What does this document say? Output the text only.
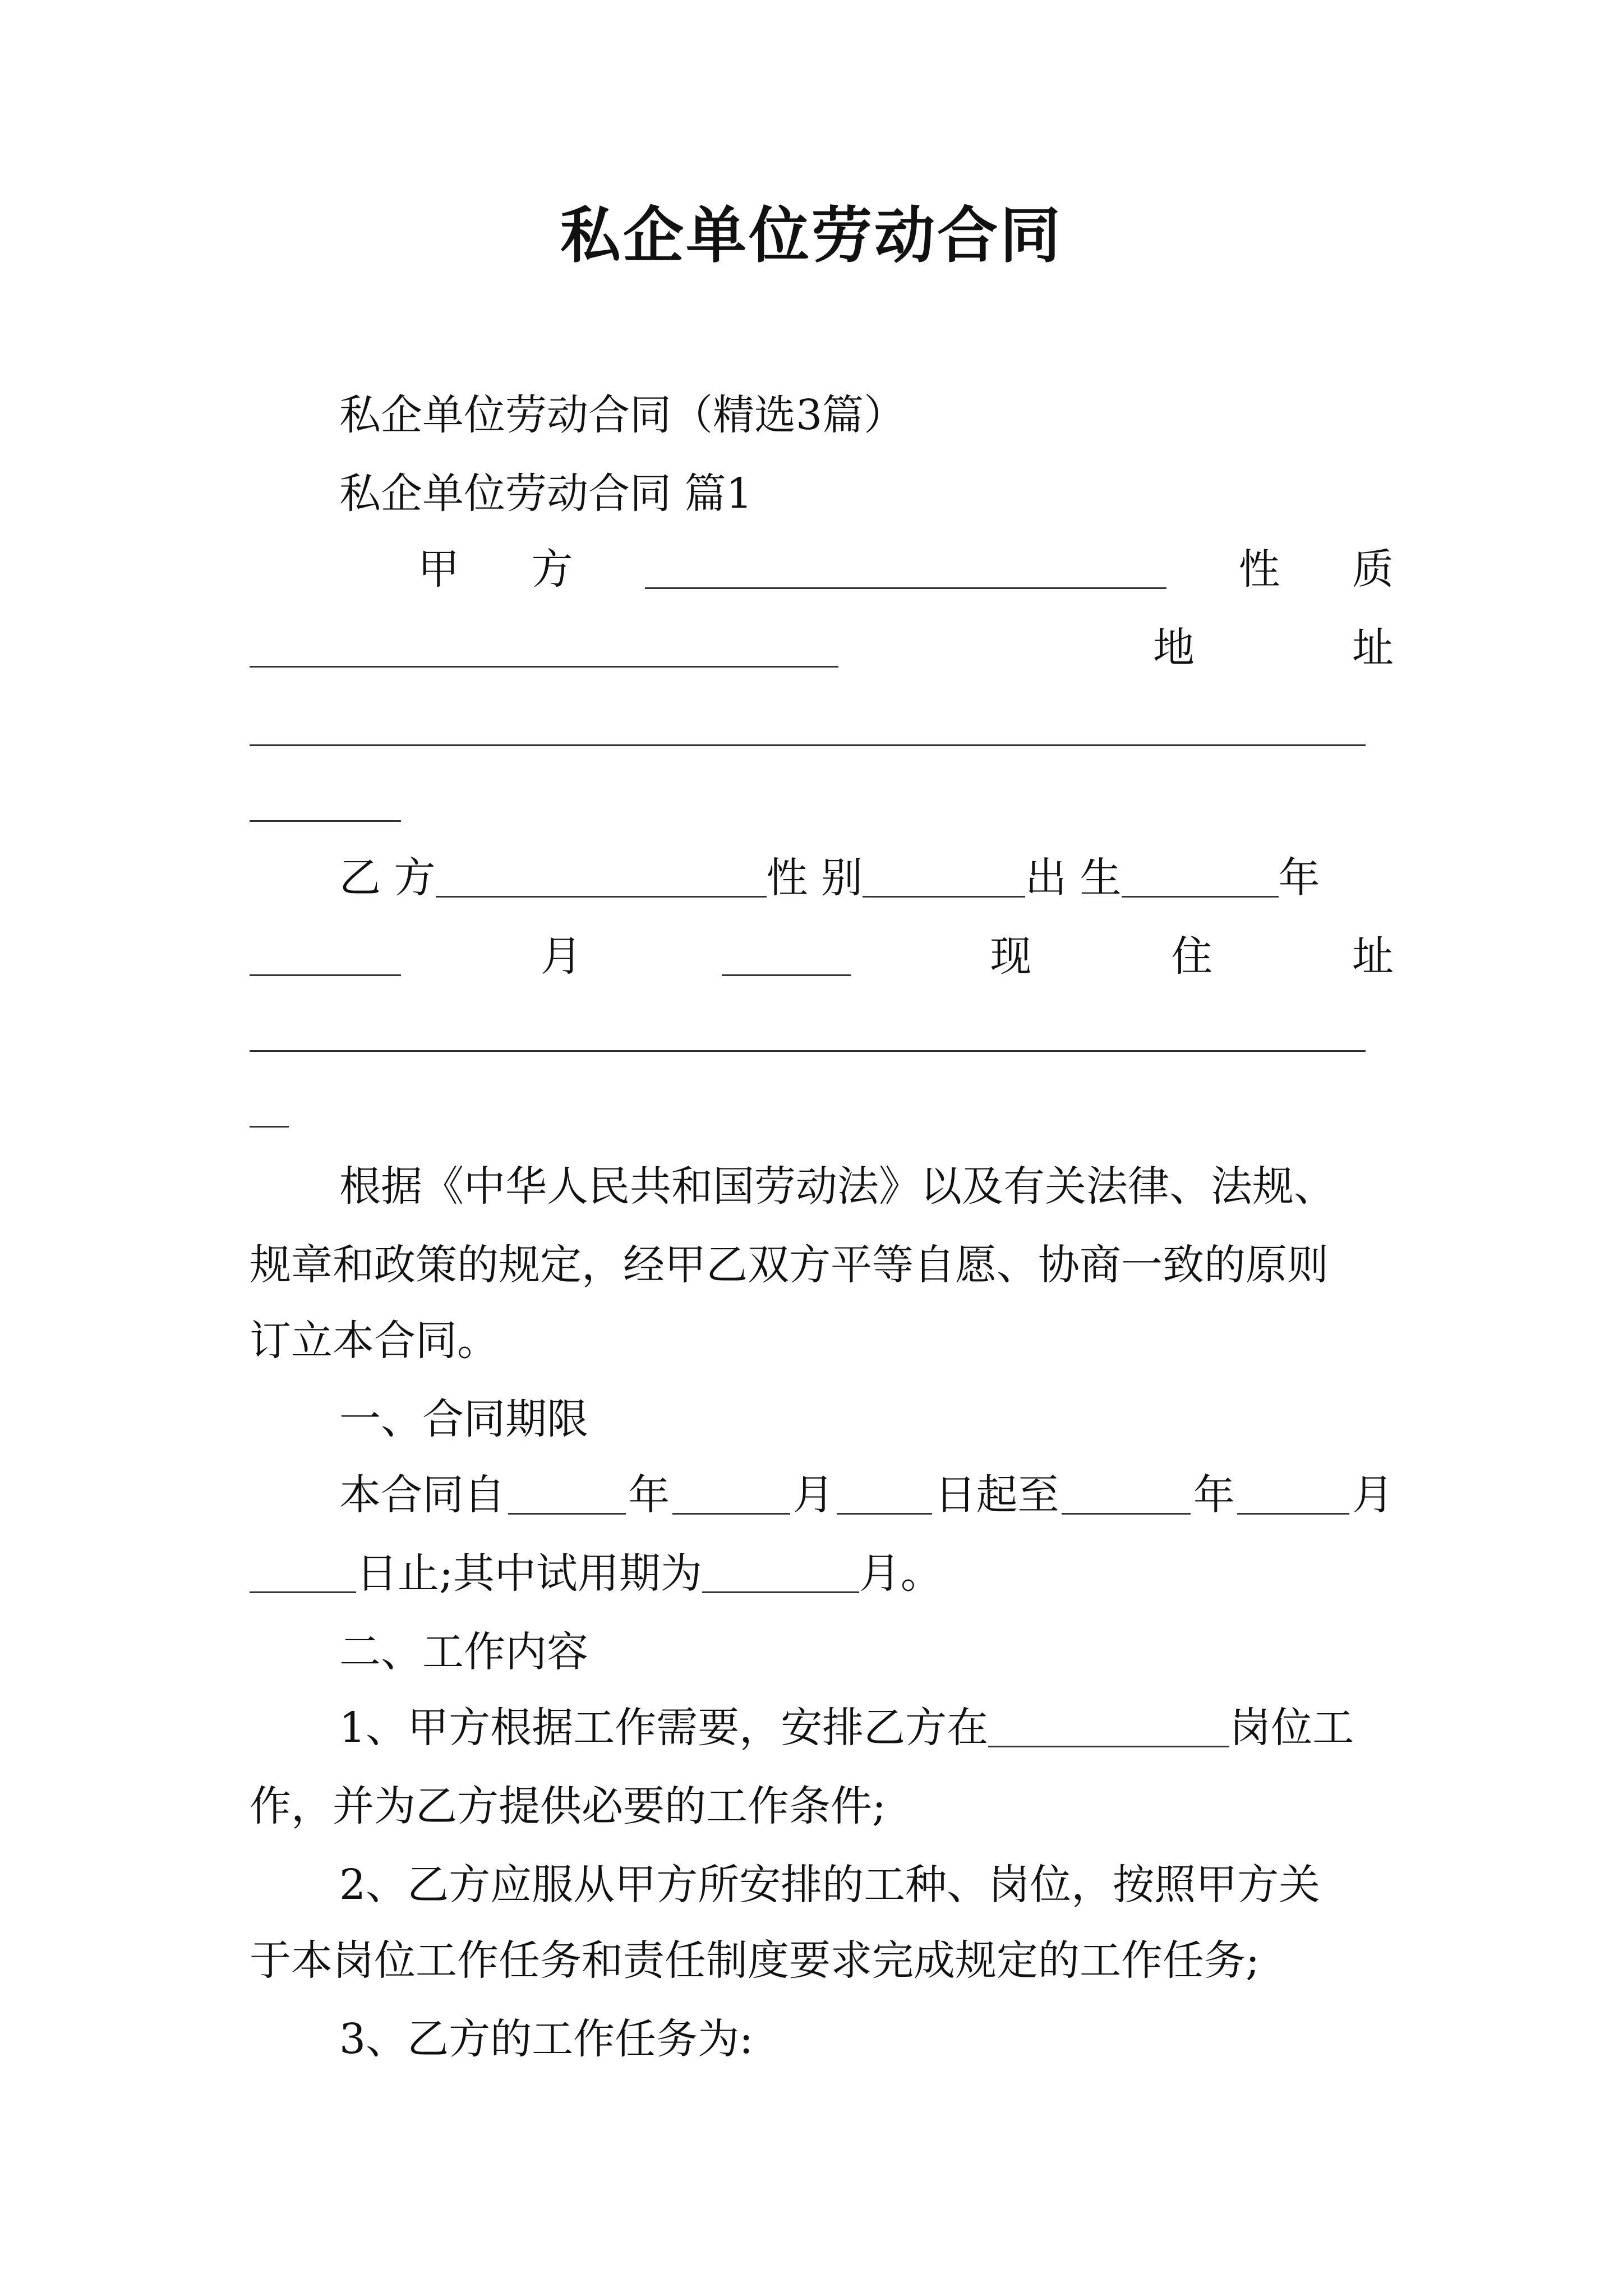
私企单位劳动合同
私企单位劳动合同（精选3篇）
私企单位劳动合同 篇1
甲 方	性 质
地	址
乙 方	性 别	出 生	年
月	现	住	址
根据《中华人民共和国劳动法》以及有关法律、法规、
规章和政策的规定，经甲乙双方平等自愿、协商一致的原则
订立本合同。
一、合同期限
本合同自	年	月 日起至	年	月
日止;其中试用期为	月。
二、工作内容
1、甲方根据工作需要，安排乙方在	岗位工
作，并为乙方提供必要的工作条件;
2、乙方应服从甲方所安排的工种、岗位，按照甲方关
于本岗位工作任务和责任制度要求完成规定的工作任务;
3、乙方的工作任务为:
